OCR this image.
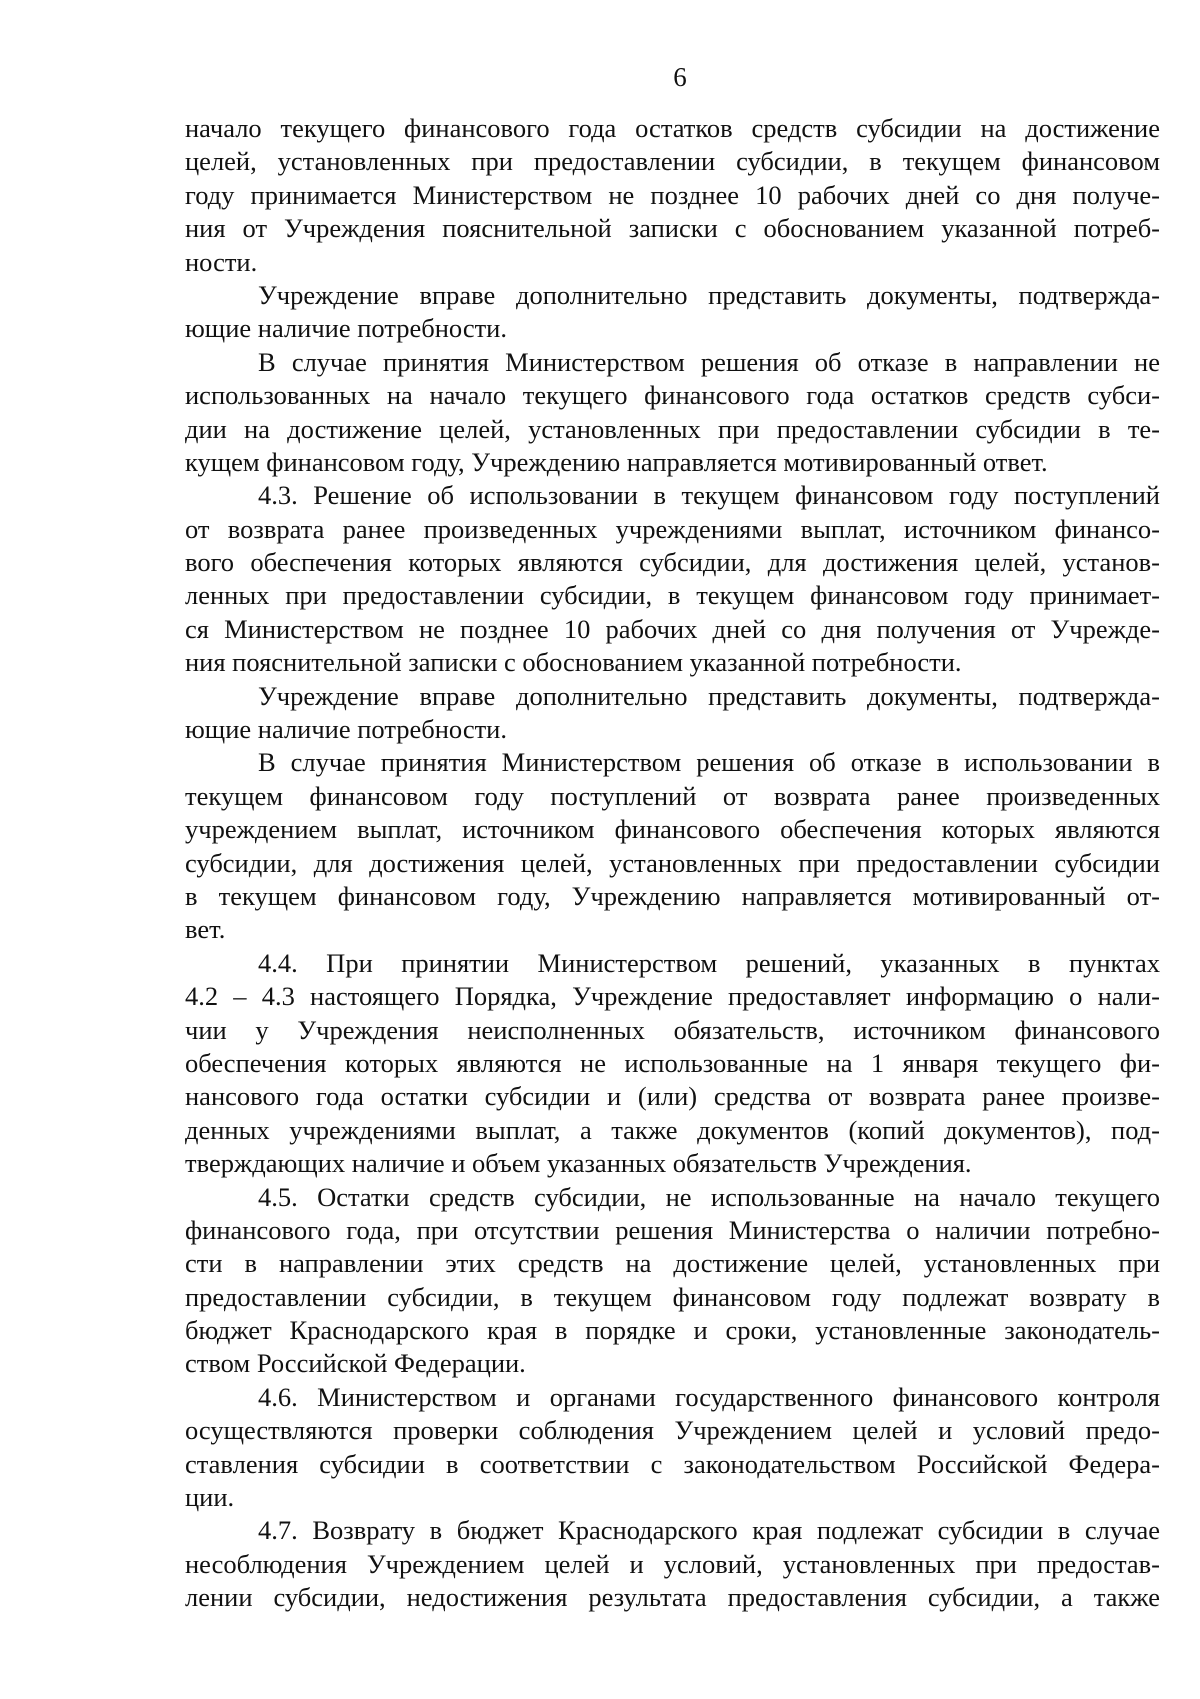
6
начало текущего финансового года остатков средств субсидии на достижение
целей, установленных при предоставлении субсидии, в текущем финансовом
году принимается Министерством не позднее 10 рабочих дней со дня получе-
ния от Учреждения пояснительной записки с обоснованием указанной потреб-
ности.
Учреждение вправе дополнительно представить документы, подтвержда-
ющие наличие потребности.
В случае принятия Министерством решения об отказе в направлении не
использованных на начало текущего финансового года остатков средств субси-
дии на достижение целей, установленных при предоставлении субсидии в те-
кущем финансовом году, Учреждению направляется мотивированный ответ.
4.3. Решение об использовании в текущем финансовом году поступлений
от возврата ранее произведенных учреждениями выплат, источником финансо-
вого обеспечения которых являются субсидии, для достижения целей, установ-
ленных при предоставлении субсидии, в текущем финансовом году принимает-
ся Министерством не позднее 10 рабочих дней со дня получения от Учрежде-
ния пояснительной записки с обоснованием указанной потребности.
Учреждение вправе дополнительно представить документы, подтвержда-
ющие наличие потребности.
В случае принятия Министерством решения об отказе в использовании в
текущем финансовом году поступлений от возврата ранее произведенных
учреждением выплат, источником финансового обеспечения которых являются
субсидии, для достижения целей, установленных при предоставлении субсидии
в текущем финансовом году, Учреждению направляется мотивированный от-
вет.
4.4. При принятии Министерством решений, указанных в пунктах
4.2 – 4.3 настоящего Порядка, Учреждение предоставляет информацию о нали-
чии у Учреждения неисполненных обязательств, источником финансового
обеспечения которых являются не использованные на 1 января текущего фи-
нансового года остатки субсидии и (или) средства от возврата ранее произве-
денных учреждениями выплат, а также документов (копий документов), под-
тверждающих наличие и объем указанных обязательств Учреждения.
4.5. Остатки средств субсидии, не использованные на начало текущего
финансового года, при отсутствии решения Министерства о наличии потребно-
сти в направлении этих средств на достижение целей, установленных при
предоставлении субсидии, в текущем финансовом году подлежат возврату в
бюджет Краснодарского края в порядке и сроки, установленные законодатель-
ством Российской Федерации.
4.6. Министерством и органами государственного финансового контроля
осуществляются проверки соблюдения Учреждением целей и условий предо-
ставления субсидии в соответствии с законодательством Российской Федера-
ции.
4.7. Возврату в бюджет Краснодарского края подлежат субсидии в случае
несоблюдения Учреждением целей и условий, установленных при предостав-
лении субсидии, недостижения результата предоставления субсидии, а также
